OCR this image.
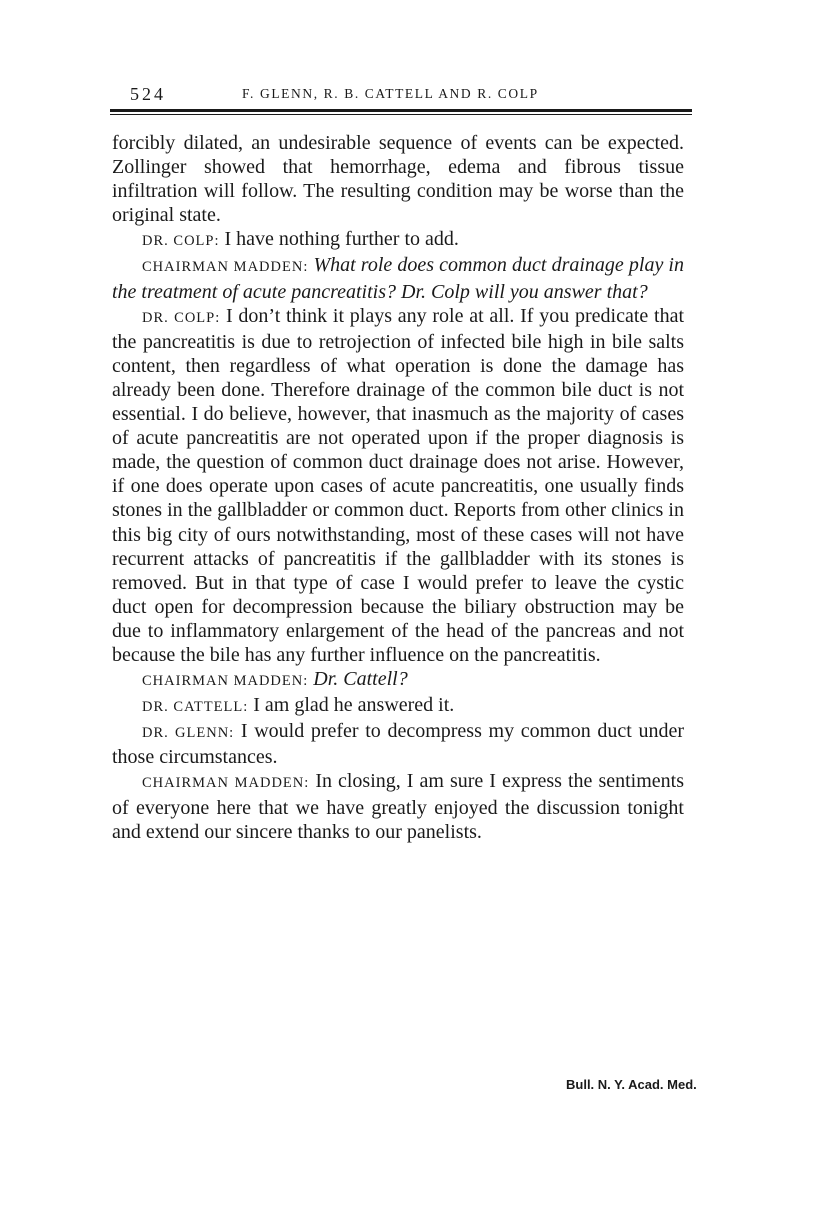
524	F. GLENN, R. B. CATTELL AND R. COLP

forcibly dilated, an undesirable sequence of events can be expected. Zollinger showed that hemorrhage, edema and fibrous tissue infiltration will follow. The resulting condition may be worse than the original state.

DR. COLP: I have nothing further to add.

CHAIRMAN MADDEN: What role does common duct drainage play in the treatment of acute pancreatitis? Dr. Colp will you answer that?

DR. COLP: I don’t think it plays any role at all. If you predicate that the pancreatitis is due to retrojection of infected bile high in bile salts content, then regardless of what operation is done the damage has already been done. Therefore drainage of the common bile duct is not essential. I do believe, however, that inasmuch as the majority of cases of acute pancreatitis are not operated upon if the proper diagnosis is made, the question of common duct drainage does not arise. However, if one does operate upon cases of acute pancreatitis, one usually finds stones in the gallbladder or common duct. Reports from other clinics in this big city of ours notwithstanding, most of these cases will not have recurrent attacks of pancreatitis if the gallbladder with its stones is removed. But in that type of case I would prefer to leave the cystic duct open for decompression because the biliary obstruction may be due to inflammatory enlargement of the head of the pancreas and not because the bile has any further influence on the pancreatitis.

CHAIRMAN MADDEN: Dr. Cattell?

DR. CATTELL: I am glad he answered it.

DR. GLENN: I would prefer to decompress my common duct under those circumstances.

CHAIRMAN MADDEN: In closing, I am sure I express the sentiments of everyone here that we have greatly enjoyed the discussion tonight and extend our sincere thanks to our panelists.

Bull. N. Y. Acad. Med.
